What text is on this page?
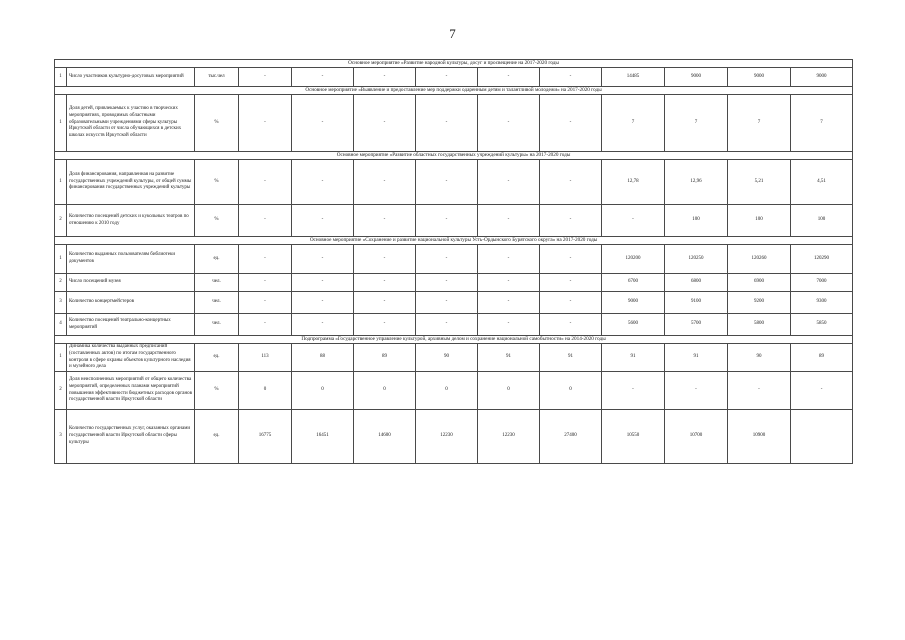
7
Основное мероприятие «Развитие народной культуры, досуг и просвещение на 2017-2020 годы												
1	Число участников культурно-досуговых мероприятий	тыс.чел	-	-	-	-	-	-	14485	9000	9000	9000
Основное мероприятие «Выявление и предоставление мер поддержки одаренным детям и талантливой молодежи» на 2017-2020 годы												
1	Доля детей, привлекаемых к участию в творческих мероприятиях, проводимых областными образовательными учреждениями сферы культуры Иркутской области от числа обучающихся в детских школах искусств Иркутской области	%	-	-	-	-	-	-	7	7	7	7
Основное мероприятие «Развитие областных государственных учреждений культуры» на 2017-2020 годы												
1	Доля финансирования, направленная на развитие государственных учреждений культуры, от общей суммы финансирования государственных учреждений культуры	%	-	-	-	-	-	-	12,78	12,96	5,21	4,51
2	Количество посещений детских и кукольных театров по отношению к 2010 году	%	-	-	-	-	-	-	-	100	100	100
Основное мероприятие «Сохранение и развитие национальной культуры Усть-Ордынского Бурятского округа» на 2017-2020 годы												
1	Количество выданных пользователям библиотеки документов	ед.	-	-	-	-	-	-	120200	120250	120260	120290
2	Число посещений музея	чел.	-	-	-	-	-	-	6700	6800	6900	7000
3	Количество концертмейстеров	чел.	-	-	-	-	-	-	9000	9100	9200	9300
4	Количество посещений театрально-концертных мероприятий	чел.	-	-	-	-	-	-	5600	5700	5800	5850
Подпрограмма «Государственное управление культурой, архивным делом и сохранение национальной самобытности» на 2014-2020 годы												
1	Динамика количества выданных предписаний (составленных актов) по итогам государственного контроля в сфере охраны объектов культурного наследия и музейного дела	ед.	113	88	89	90	91	91	91	91	90	89
2	Доля неисполненных мероприятий от общего количества мероприятий, определенных планами мероприятий повышения эффективности бюджетных расходов органов государственной власти Иркутской области	%	0	0	0	0	0	0	-	-	-	-
3	Количество государственных услуг, оказанных органами государственной власти Иркутской области сферы культуры	ед.	16775	16451	14600	12230	12230	27400	10550	10700	10900	
